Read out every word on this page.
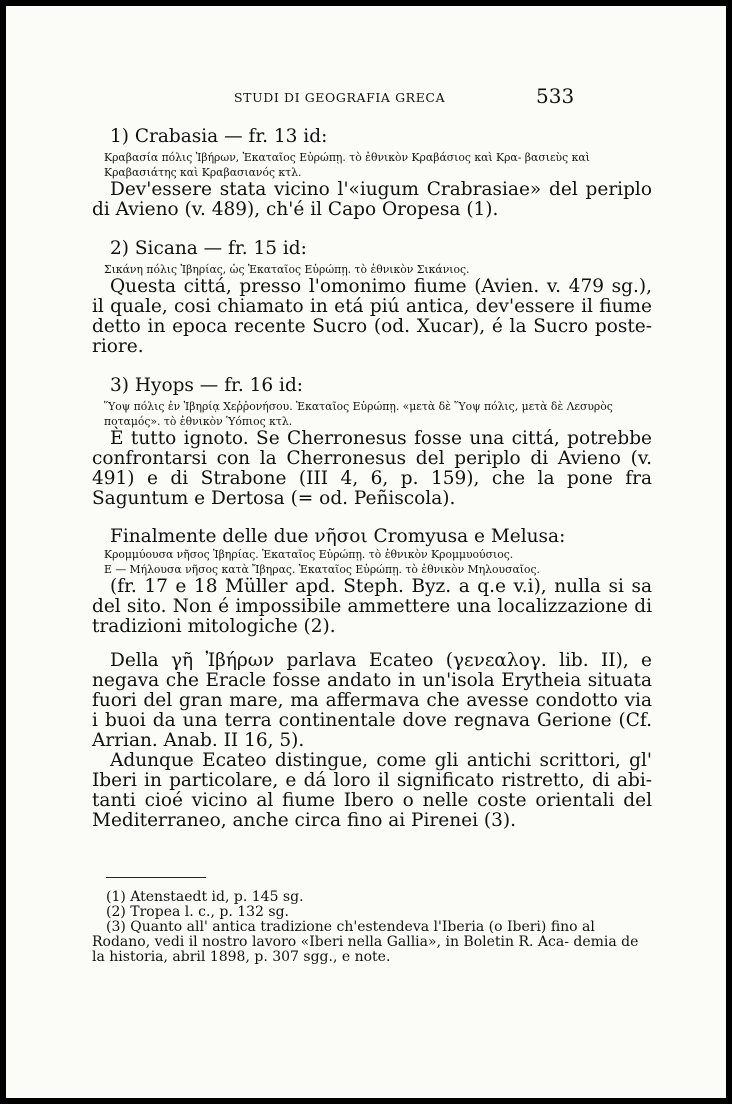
STUDI DI GEOGRAFIA GRECA	533

1) Crabasia — fr. 13 id:

Κραβασία πόλις Ἰβήρων, Ἑκαταῖος Εὐρώπῃ. τὸ ἐθνικὸν Κραβάσιος καὶ Κρα- βασιεὺς καὶ Κραβασιάτης καὶ Κραβασιανός κτλ.

Dev'essere stata vicino l'«iugum Crabrasiae» del periplo di Avieno (v. 489), ch'é il Capo Oropesa (1).

2) Sicana — fr. 15 id:

Σικάνη πόλις Ἰβηρίας, ὡς Ἑκαταῖος Εὐρώπῃ. τὸ ἐθνικὸν Σικάνιος.

Questa cittá, presso l'omonimo fiume (Avien. v. 479 sg.), il quale, cosi chiamato in etá piú antica, dev'essere il fiume detto in epoca recente Sucro (od. Xucar), é la Sucro poste- riore.

3) Hyops — fr. 16 id:

Ὕοψ πόλις ἐν Ἰβηρίᾳ Χεῤῥονήσου. Ἑκαταῖος Εὐρώπῃ. «μετὰ δὲ Ὕοψ πόλις, μετὰ δὲ Λεσυρὸς ποταμός». τὸ ἐθνικὸν Ὑόπιος κτλ.

È tutto ignoto. Se Cherronesus fosse una cittá, potrebbe confrontarsi con la Cherronesus del periplo di Avieno (v. 491) e di Strabone (III 4, 6, p. 159), che la pone fra Saguntum e Dertosa (= od. Peñiscola).

Finalmente delle due νῆσοι Cromyusa e Melusa:

Κρομμύουσα νῆσος Ἰβηρίας. Ἑκαταῖος Εὐρώπῃ. τὸ ἐθνικὸν Κρομμυούσιος.

Ε — Μήλουσα νῆσος κατὰ Ἴβηρας. Ἑκαταῖος Εὐρώπῃ. τὸ ἐθνικὸν Μηλουσαῖος.

(fr. 17 e 18 Müller apd. Steph. Byz. a q.e v.i), nulla si sa del sito. Non é impossibile ammettere una localizzazione di tradizioni mitologiche (2).

Della γῆ Ἰβήρων parlava Ecateo (γενεαλογ. lib. II), e negava che Eracle fosse andato in un'isola Erytheia situata fuori del gran mare, ma affermava che avesse condotto via i buoi da una terra continentale dove regnava Gerione (Cf. Arrian. Anab. II 16, 5).

Adunque Ecateo distingue, come gli antichi scrittori, gl' Iberi in particolare, e dá loro il significato ristretto, di abi- tanti cioé vicino al fiume Ibero o nelle coste orientali del Mediterraneo, anche circa fino ai Pirenei (3).

(1) Atenstaedt id, p. 145 sg.

(2) Tropea l. c., p. 132 sg.

(3) Quanto all' antica tradizione ch'estendeva l'Iberia (o Iberi) fino al Rodano, vedi il nostro lavoro «Iberi nella Gallia», in Boletin R. Aca- demia de la historia, abril 1898, p. 307 sgg., e note.
